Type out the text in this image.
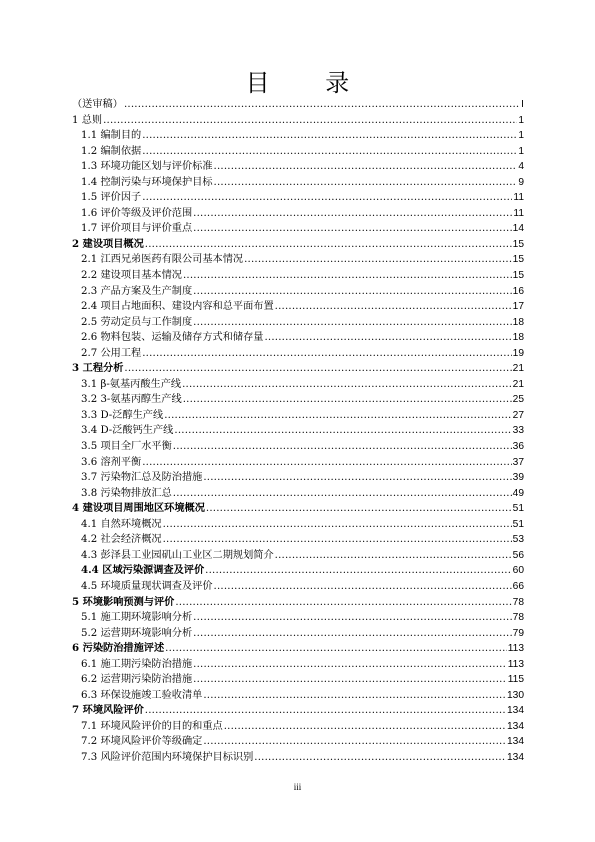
目 录
（送审稿） .....	I
1 总则 .....	1
1.1 编制目的 .....	1
1.2 编制依据 .....	1
1.3 环境功能区划与评价标准 .....	4
1.4 控制污染与环境保护目标 .....	9
1.5 评价因子 .....	11
1.6 评价等级及评价范围 .....	11
1.7 评价项目与评价重点 .....	14
2 建设项目概况 .....	15
2.1 江西兄弟医药有限公司基本情况 .....	15
2.2 建设项目基本情况 .....	15
2.3 产品方案及生产制度 .....	16
2.4 项目占地面积、建设内容和总平面布置 .....	17
2.5 劳动定员与工作制度 .....	18
2.6 物料包装、运输及储存方式和储存量 .....	18
2.7 公用工程 .....	19
3 工程分析 .....	21
3.1 β-氨基丙酸生产线 .....	21
3.2 3-氨基丙醇生产线 .....	25
3.3 D-泛醇生产线 .....	27
3.4 D-泛酸钙生产线 .....	33
3.5 项目全厂水平衡 .....	36
3.6 溶剂平衡 .....	37
3.7 污染物汇总及防治措施 .....	39
3.8 污染物排放汇总 .....	49
4 建设项目周围地区环境概况 .....	51
4.1 自然环境概况 .....	51
4.2 社会经济概况 .....	53
4.3 彭泽县工业园矶山工业区二期规划简介 .....	56
4.4 区域污染源调查及评价 .....	60
4.5 环境质量现状调查及评价 .....	66
5 环境影响预测与评价 .....	78
5.1 施工期环境影响分析 .....	78
5.2 运营期环境影响分析 .....	79
6 污染防治措施评述 .....	113
6.1 施工期污染防治措施 .....	113
6.2 运营期污染防治措施 .....	115
6.3 环保设施竣工验收清单 .....	130
7 环境风险评价 .....	134
7.1 环境风险评价的目的和重点 .....	134
7.2 环境风险评价等级确定 .....	134
7.3 风险评价范围内环境保护目标识别 .....	134
iii
